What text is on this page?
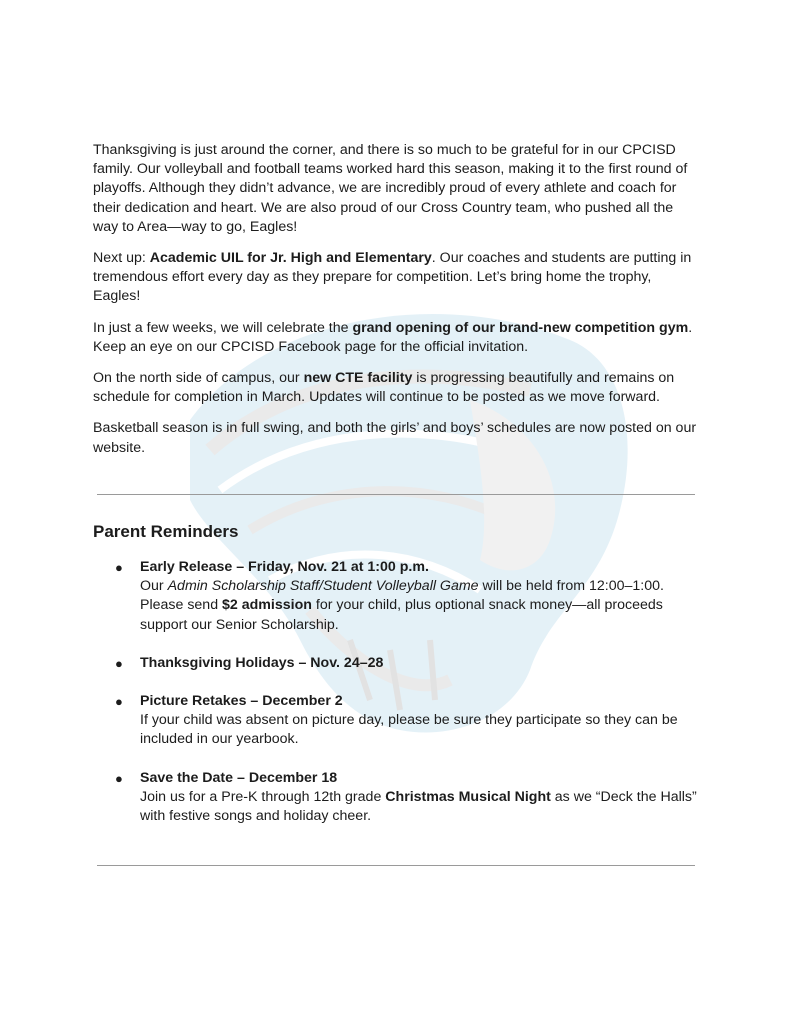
Thanksgiving is just around the corner, and there is so much to be grateful for in our CPCISD family. Our volleyball and football teams worked hard this season, making it to the first round of playoffs. Although they didn’t advance, we are incredibly proud of every athlete and coach for their dedication and heart. We are also proud of our Cross Country team, who pushed all the way to Area—way to go, Eagles!

Next up: Academic UIL for Jr. High and Elementary. Our coaches and students are putting in tremendous effort every day as they prepare for competition. Let’s bring home the trophy, Eagles!

In just a few weeks, we will celebrate the grand opening of our brand-new competition gym. Keep an eye on our CPCISD Facebook page for the official invitation.

On the north side of campus, our new CTE facility is progressing beautifully and remains on schedule for completion in March. Updates will continue to be posted as we move forward.

Basketball season is in full swing, and both the girls’ and boys’ schedules are now posted on our website.

Parent Reminders
● Early Release – Friday, Nov. 21 at 1:00 p.m.
Our Admin Scholarship Staff/Student Volleyball Game will be held from 12:00–1:00. Please send $2 admission for your child, plus optional snack money—all proceeds support our Senior Scholarship.
● Thanksgiving Holidays – Nov. 24–28
● Picture Retakes – December 2
If your child was absent on picture day, please be sure they participate so they can be included in our yearbook.
● Save the Date – December 18
Join us for a Pre-K through 12th grade Christmas Musical Night as we “Deck the Halls” with festive songs and holiday cheer.
